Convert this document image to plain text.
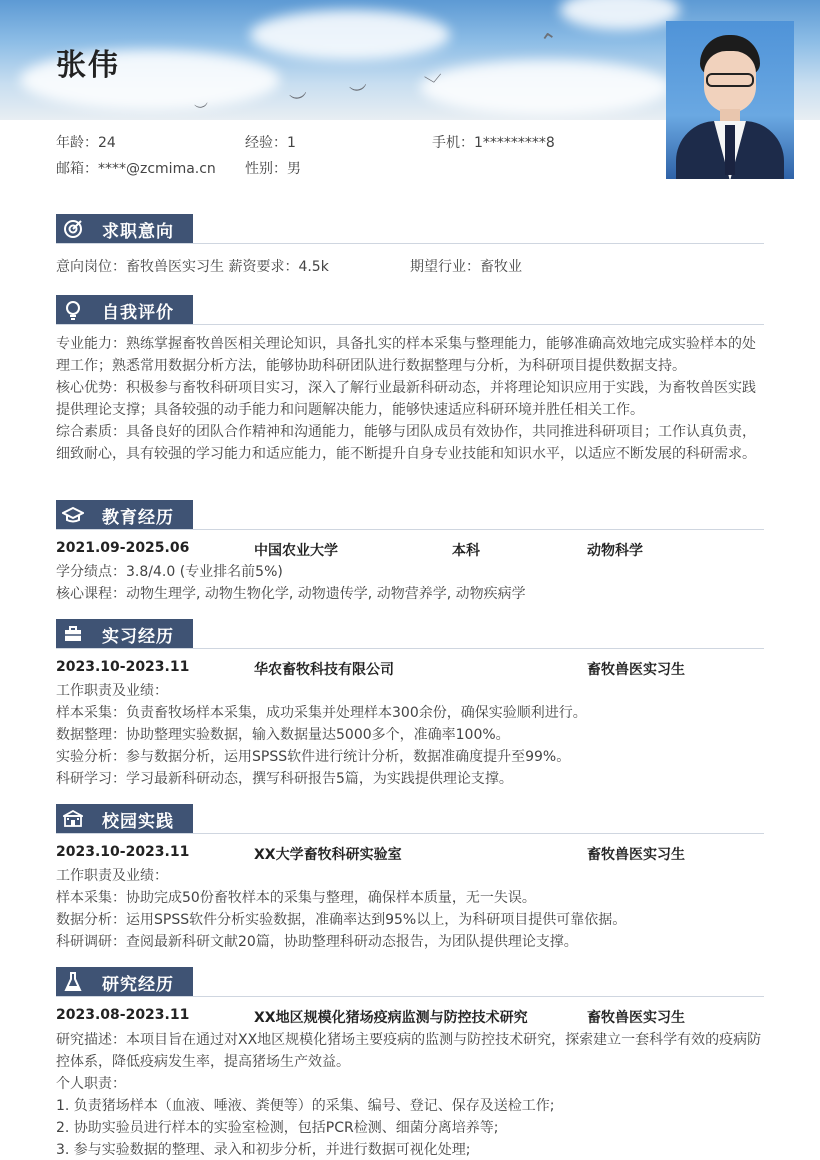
⌃
﹀
︶
︶
︶
张伟
年龄：24	经验：1	手机：1*********8
邮箱：****@zcmima.cn 性别：男
求职意向
意向岗位：畜牧兽医实习生 薪资要求：4.5k	期望行业：畜牧业
自我评价
专业能力：熟练掌握畜牧兽医相关理论知识，具备扎实的样本采集与整理能力，能够准确高效地完成实验样本的处理工作；熟悉常用数据分析方法，能够协助科研团队进行数据整理与分析，为科研项目提供数据支持。
核心优势：积极参与畜牧科研项目实习，深入了解行业最新科研动态，并将理论知识应用于实践，为畜牧兽医实践提供理论支撑；具备较强的动手能力和问题解决能力，能够快速适应科研环境并胜任相关工作。
综合素质：具备良好的团队合作精神和沟通能力，能够与团队成员有效协作，共同推进科研项目；工作认真负责，细致耐心，具有较强的学习能力和适应能力，能不断提升自身专业技能和知识水平，以适应不断发展的科研需求。
教育经历
2021.09-2025.06	中国农业大学	本科	动物科学
学分绩点：3.8/4.0 (专业排名前5%)
核心课程：动物生理学, 动物生物化学, 动物遗传学, 动物营养学, 动物疾病学
实习经历
2023.10-2023.11	华农畜牧科技有限公司	畜牧兽医实习生
工作职责及业绩：
样本采集：负责畜牧场样本采集，成功采集并处理样本300余份，确保实验顺利进行。
数据整理：协助整理实验数据，输入数据量达5000多个，准确率100%。
实验分析：参与数据分析，运用SPSS软件进行统计分析，数据准确度提升至99%。
科研学习：学习最新科研动态，撰写科研报告5篇，为实践提供理论支撑。
校园实践
2023.10-2023.11	XX大学畜牧科研实验室	畜牧兽医实习生
工作职责及业绩：
样本采集：协助完成50份畜牧样本的采集与整理，确保样本质量，无一失误。
数据分析：运用SPSS软件分析实验数据，准确率达到95%以上，为科研项目提供可靠依据。
科研调研：查阅最新科研文献20篇，协助整理科研动态报告，为团队提供理论支撑。
研究经历
2023.08-2023.11	XX地区规模化猪场疫病监测与防控技术研究	畜牧兽医实习生
研究描述：本项目旨在通过对XX地区规模化猪场主要疫病的监测与防控技术研究，探索建立一套科学有效的疫病防控体系，降低疫病发生率，提高猪场生产效益。
个人职责：
1. 负责猪场样本（血液、唾液、粪便等）的采集、编号、登记、保存及送检工作;
2. 协助实验员进行样本的实验室检测，包括PCR检测、细菌分离培养等;
3. 参与实验数据的整理、录入和初步分析，并进行数据可视化处理;
